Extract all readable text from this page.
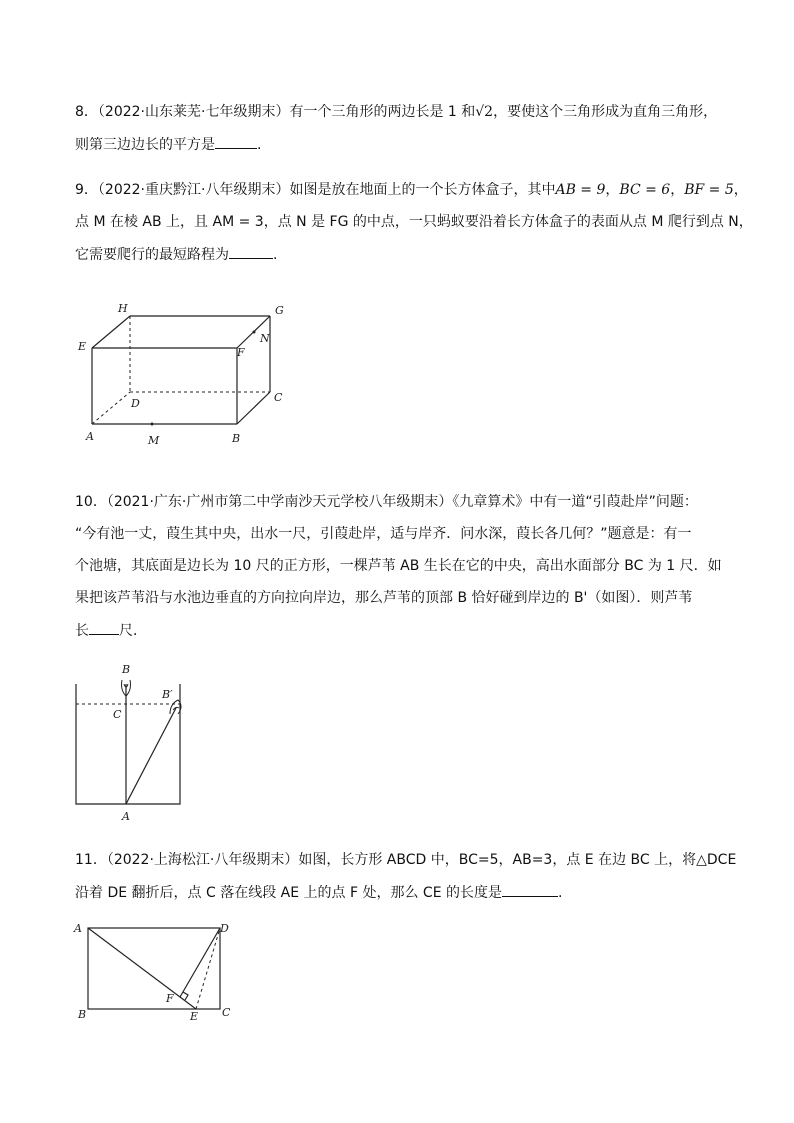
8．（2022·山东莱芜·七年级期末）有一个三角形的两边长是 1 和√2，要使这个三角形成为直角三角形，
则第三边边长的平方是	.
9．（2022·重庆黔江·八年级期末）如图是放在地面上的一个长方体盒子，其中AB = 9，BC = 6，BF = 5，
点 M 在棱 AB 上，且 AM = 3，点 N 是 FG 的中点，一只蚂蚁要沿着长方体盒子的表面从点 M 爬行到点 N，
它需要爬行的最短路程为	.
H	G
N
E	F
D	C
A	M	B
10．（2021·广东·广州市第二中学南沙天元学校八年级期末）《九章算术》中有一道“引葭赴岸”问题：
“今有池一丈，葭生其中央，出水一尺，引葭赴岸，适与岸齐．问水深，葭长各几何？”题意是：有一
个池塘，其底面是边长为 10 尺的正方形，一棵芦苇 AB 生长在它的中央，高出水面部分 BC 为 1 尺．如
果把该芦苇沿与水池边垂直的方向拉向岸边，那么芦苇的顶部 B 恰好碰到岸边的 B'（如图）．则芦苇
长 尺．
B
B′
C
A
11．（2022·上海松江·八年级期末）如图，长方形 ABCD 中，BC=5，AB=3，点 E 在边 BC 上，将△DCE
沿着 DE 翻折后，点 C 落在线段 AE 上的点 F 处，那么 CE 的长度是	.
A	D
F
B	E C
